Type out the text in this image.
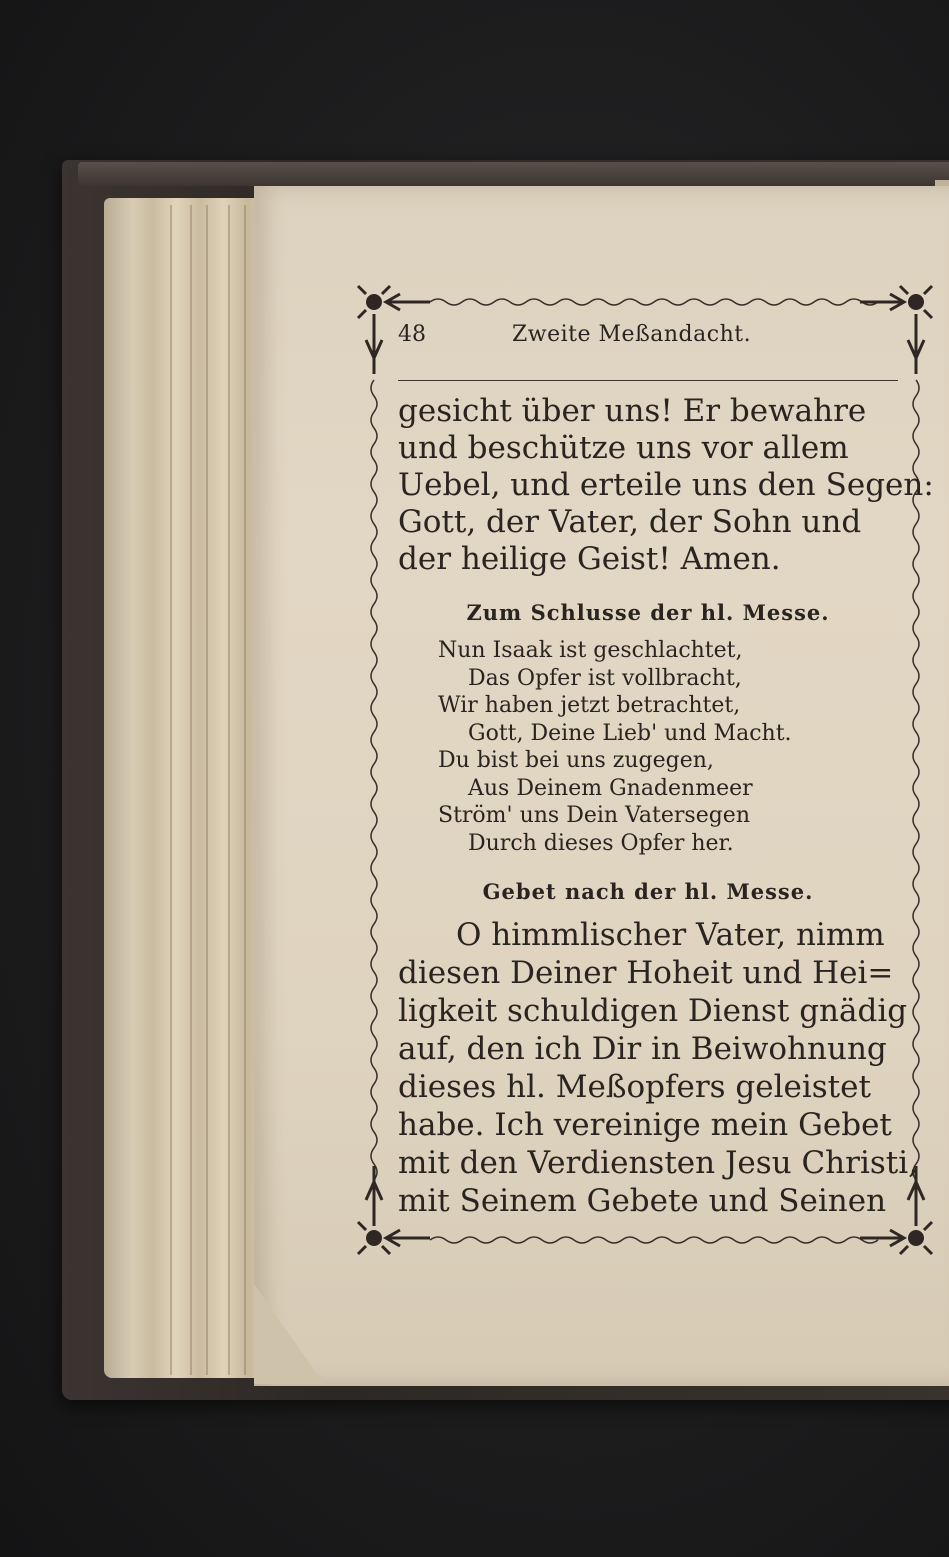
48	Zweite Meßandacht.
gesicht über uns! Er bewahre
und beschütze uns vor allem
Uebel, und erteile uns den Segen:
Gott, der Vater, der Sohn und
der heilige Geist! Amen.
Zum Schlusse der hl. Messe.
Nun Isaak ist geschlachtet,
Das Opfer ist vollbracht,
Wir haben jetzt betrachtet,
Gott, Deine Lieb' und Macht.
Du bist bei uns zugegen,
Aus Deinem Gnadenmeer
Ström' uns Dein Vatersegen
Durch dieses Opfer her.
Gebet nach der hl. Messe.
O himmlischer Vater, nimm
diesen Deiner Hoheit und Hei=
ligkeit schuldigen Dienst gnädig
auf, den ich Dir in Beiwohnung
dieses hl. Meßopfers geleistet
habe. Ich vereinige mein Gebet
mit den Verdiensten Jesu Christi,
mit Seinem Gebete und Seinen
